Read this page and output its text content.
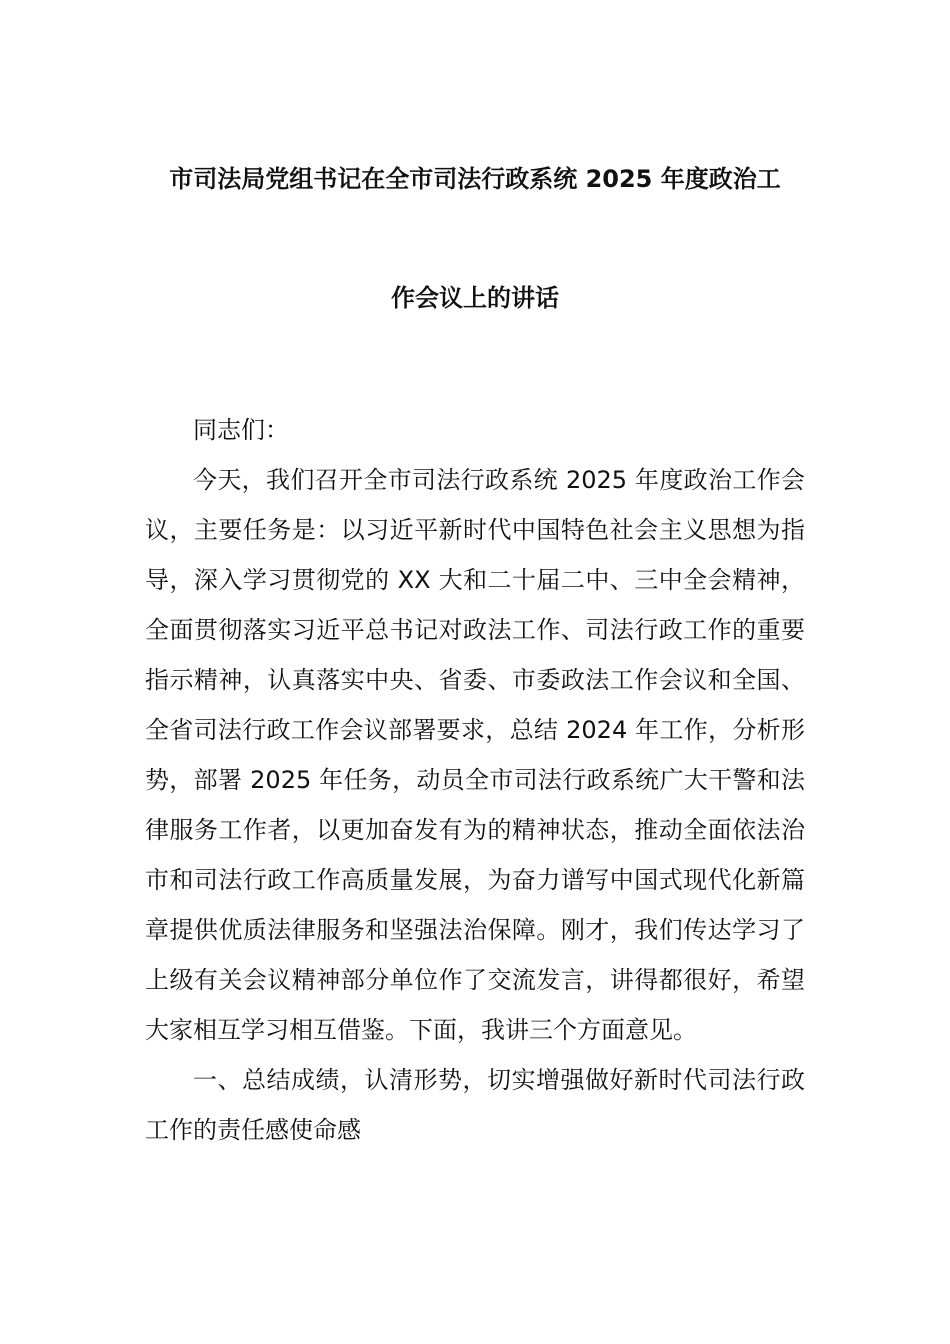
市司法局党组书记在全市司法行政系统 2025 年度政治工
作会议上的讲话

同志们：

今天，我们召开全市司法行政系统 2025 年度政治工作会议，主要任务是：以习近平新时代中国特色社会主义思想为指导，深入学习贯彻党的 XX 大和二十届二中、三中全会精神，全面贯彻落实习近平总书记对政法工作、司法行政工作的重要指示精神，认真落实中央、省委、市委政法工作会议和全国、全省司法行政工作会议部署要求，总结 2024 年工作，分析形势，部署 2025 年任务，动员全市司法行政系统广大干警和法律服务工作者，以更加奋发有为的精神状态，推动全面依法治市和司法行政工作高质量发展，为奋力谱写中国式现代化新篇章提供优质法律服务和坚强法治保障。刚才，我们传达学习了上级有关会议精神部分单位作了交流发言，讲得都很好，希望大家相互学习相互借鉴。下面，我讲三个方面意见。

一、总结成绩，认清形势，切实增强做好新时代司法行政工作的责任感使命感
